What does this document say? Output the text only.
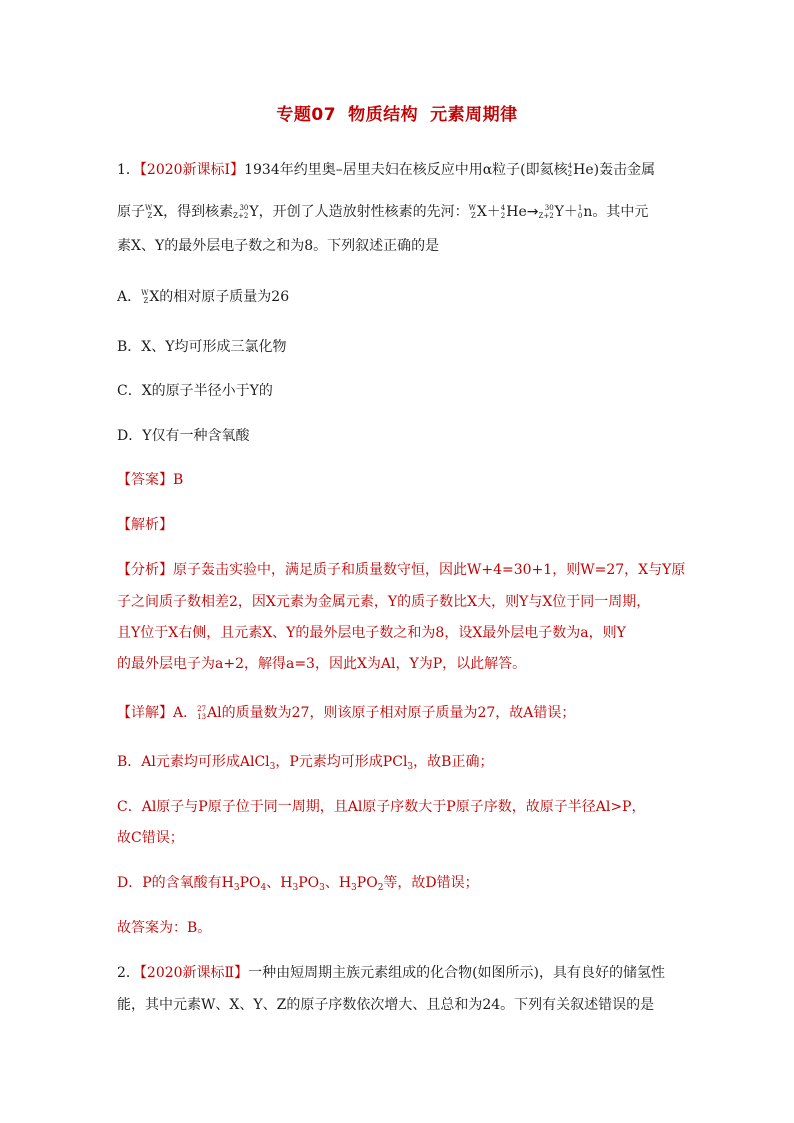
专题07 物质结构 元素周期律
1．【2020新课标Ⅰ】1934年约里奥–居里夫妇在核反应中用α粒子(即氦核 4
2 He)轰击金属
原子 W
Z X，得到核素 30
Z+2 Y，开创了人造放射性核素的先河： W
Z X＋ 4
2 He→ 30
Z+2 Y＋ 1
0 n。其中元
素X、Y的最外层电子数之和为8。下列叙述正确的是
A． W
Z X的相对原子质量为26
B．X、Y均可形成三氯化物
C．X的原子半径小于Y的
D．Y仅有一种含氧酸
【答案】B
【解析】
【分析】原子轰击实验中，满足质子和质量数守恒，因此W+4=30+1，则W=27，X与Y原
子之间质子数相差2，因X元素为金属元素，Y的质子数比X大，则Y与X位于同一周期，
且Y位于X右侧，且元素X、Y的最外层电子数之和为8，设X最外层电子数为a，则Y
的最外层电子为a+2，解得a=3，因此X为Al，Y为P，以此解答。
【详解】A． 27
13 Al的质量数为27，则该原子相对原子质量为27，故A错误；
B．Al元素均可形成AlCl$_3$，P元素均可形成PCl$_3$，故B正确；
C．Al原子与P原子位于同一周期，且Al原子序数大于P原子序数，故原子半径Al>P，
故C错误；
D．P的含氧酸有$H_3PO_4$、$H_3PO_3$、$H_3PO_2$等，故D错误；
故答案为：B。
2．【2020新课标Ⅱ】一种由短周期主族元素组成的化合物(如图所示)，具有良好的储氢性
能，其中元素W、X、Y、Z的原子序数依次增大、且总和为24。下列有关叙述错误的是
